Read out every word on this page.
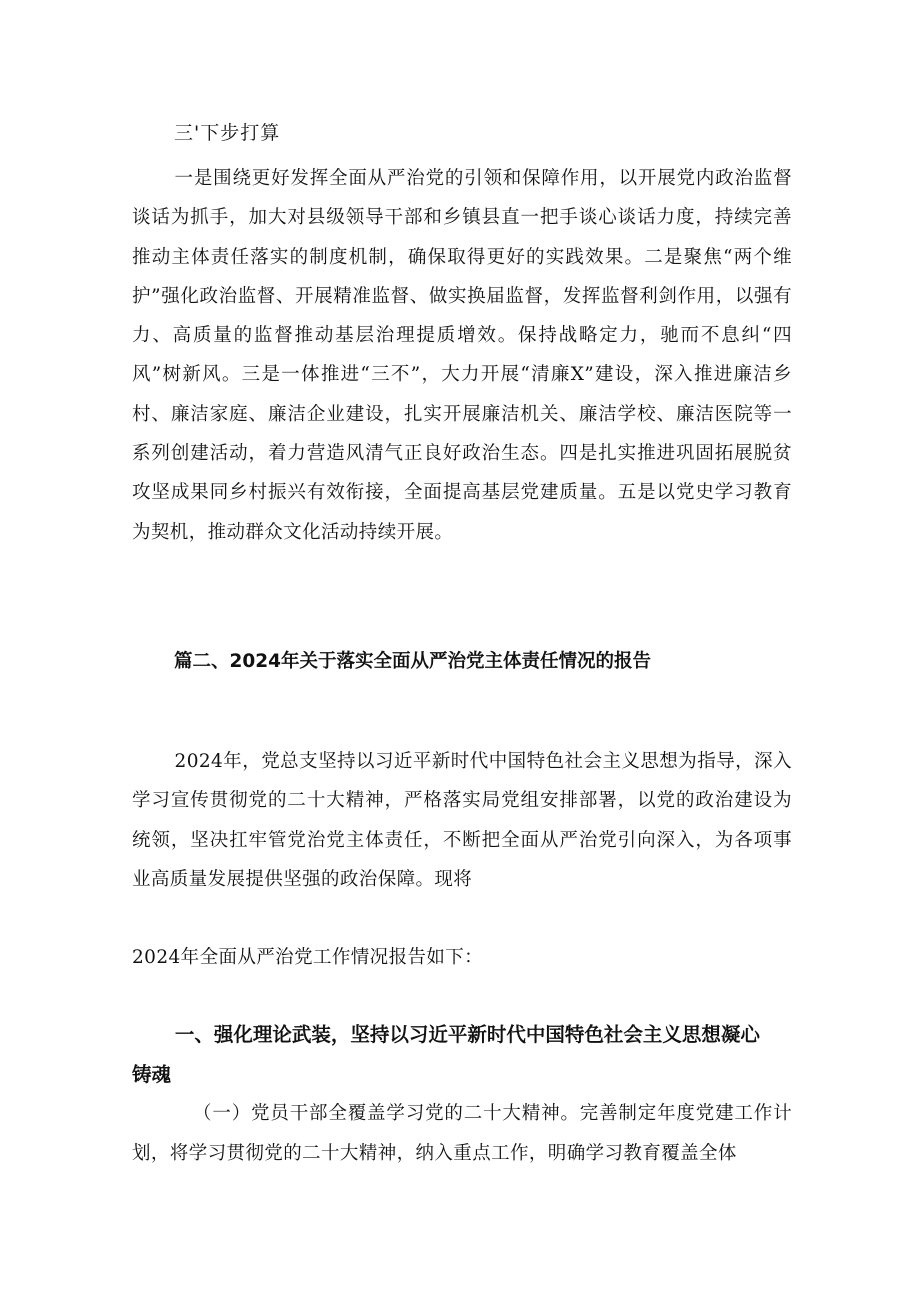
三'下步打算

一是围绕更好发挥全面从严治党的引领和保障作用，以开展党内政治监督谈话为抓手，加大对县级领导干部和乡镇县直一把手谈心谈话力度，持续完善推动主体责任落实的制度机制，确保取得更好的实践效果。二是聚焦“两个维护”强化政治监督、开展精准监督、做实换届监督，发挥监督利剑作用，以强有力、高质量的监督推动基层治理提质增效。保持战略定力，驰而不息纠“四风”树新风。三是一体推进“三不”，大力开展“清廉X”建设，深入推进廉洁乡村、廉洁家庭、廉洁企业建设，扎实开展廉洁机关、廉洁学校、廉洁医院等一系列创建活动，着力营造风清气正良好政治生态。四是扎实推进巩固拓展脱贫攻坚成果同乡村振兴有效衔接，全面提高基层党建质量。五是以党史学习教育为契机，推动群众文化活动持续开展。

篇二、2024年关于落实全面从严治党主体责任情况的报告

2024年，党总支坚持以习近平新时代中国特色社会主义思想为指导，深入学习宣传贯彻党的二十大精神，严格落实局党组安排部署，以党的政治建设为统领，坚决扛牢管党治党主体责任，不断把全面从严治党引向深入，为各项事业高质量发展提供坚强的政治保障。现将

2024年全面从严治党工作情况报告如下：

一、强化理论武装，坚持以习近平新时代中国特色社会主义思想凝心
铸魂

（一）党员干部全覆盖学习党的二十大精神。完善制定年度党建工作计划，将学习贯彻党的二十大精神，纳入重点工作，明确学习教育覆盖全体
